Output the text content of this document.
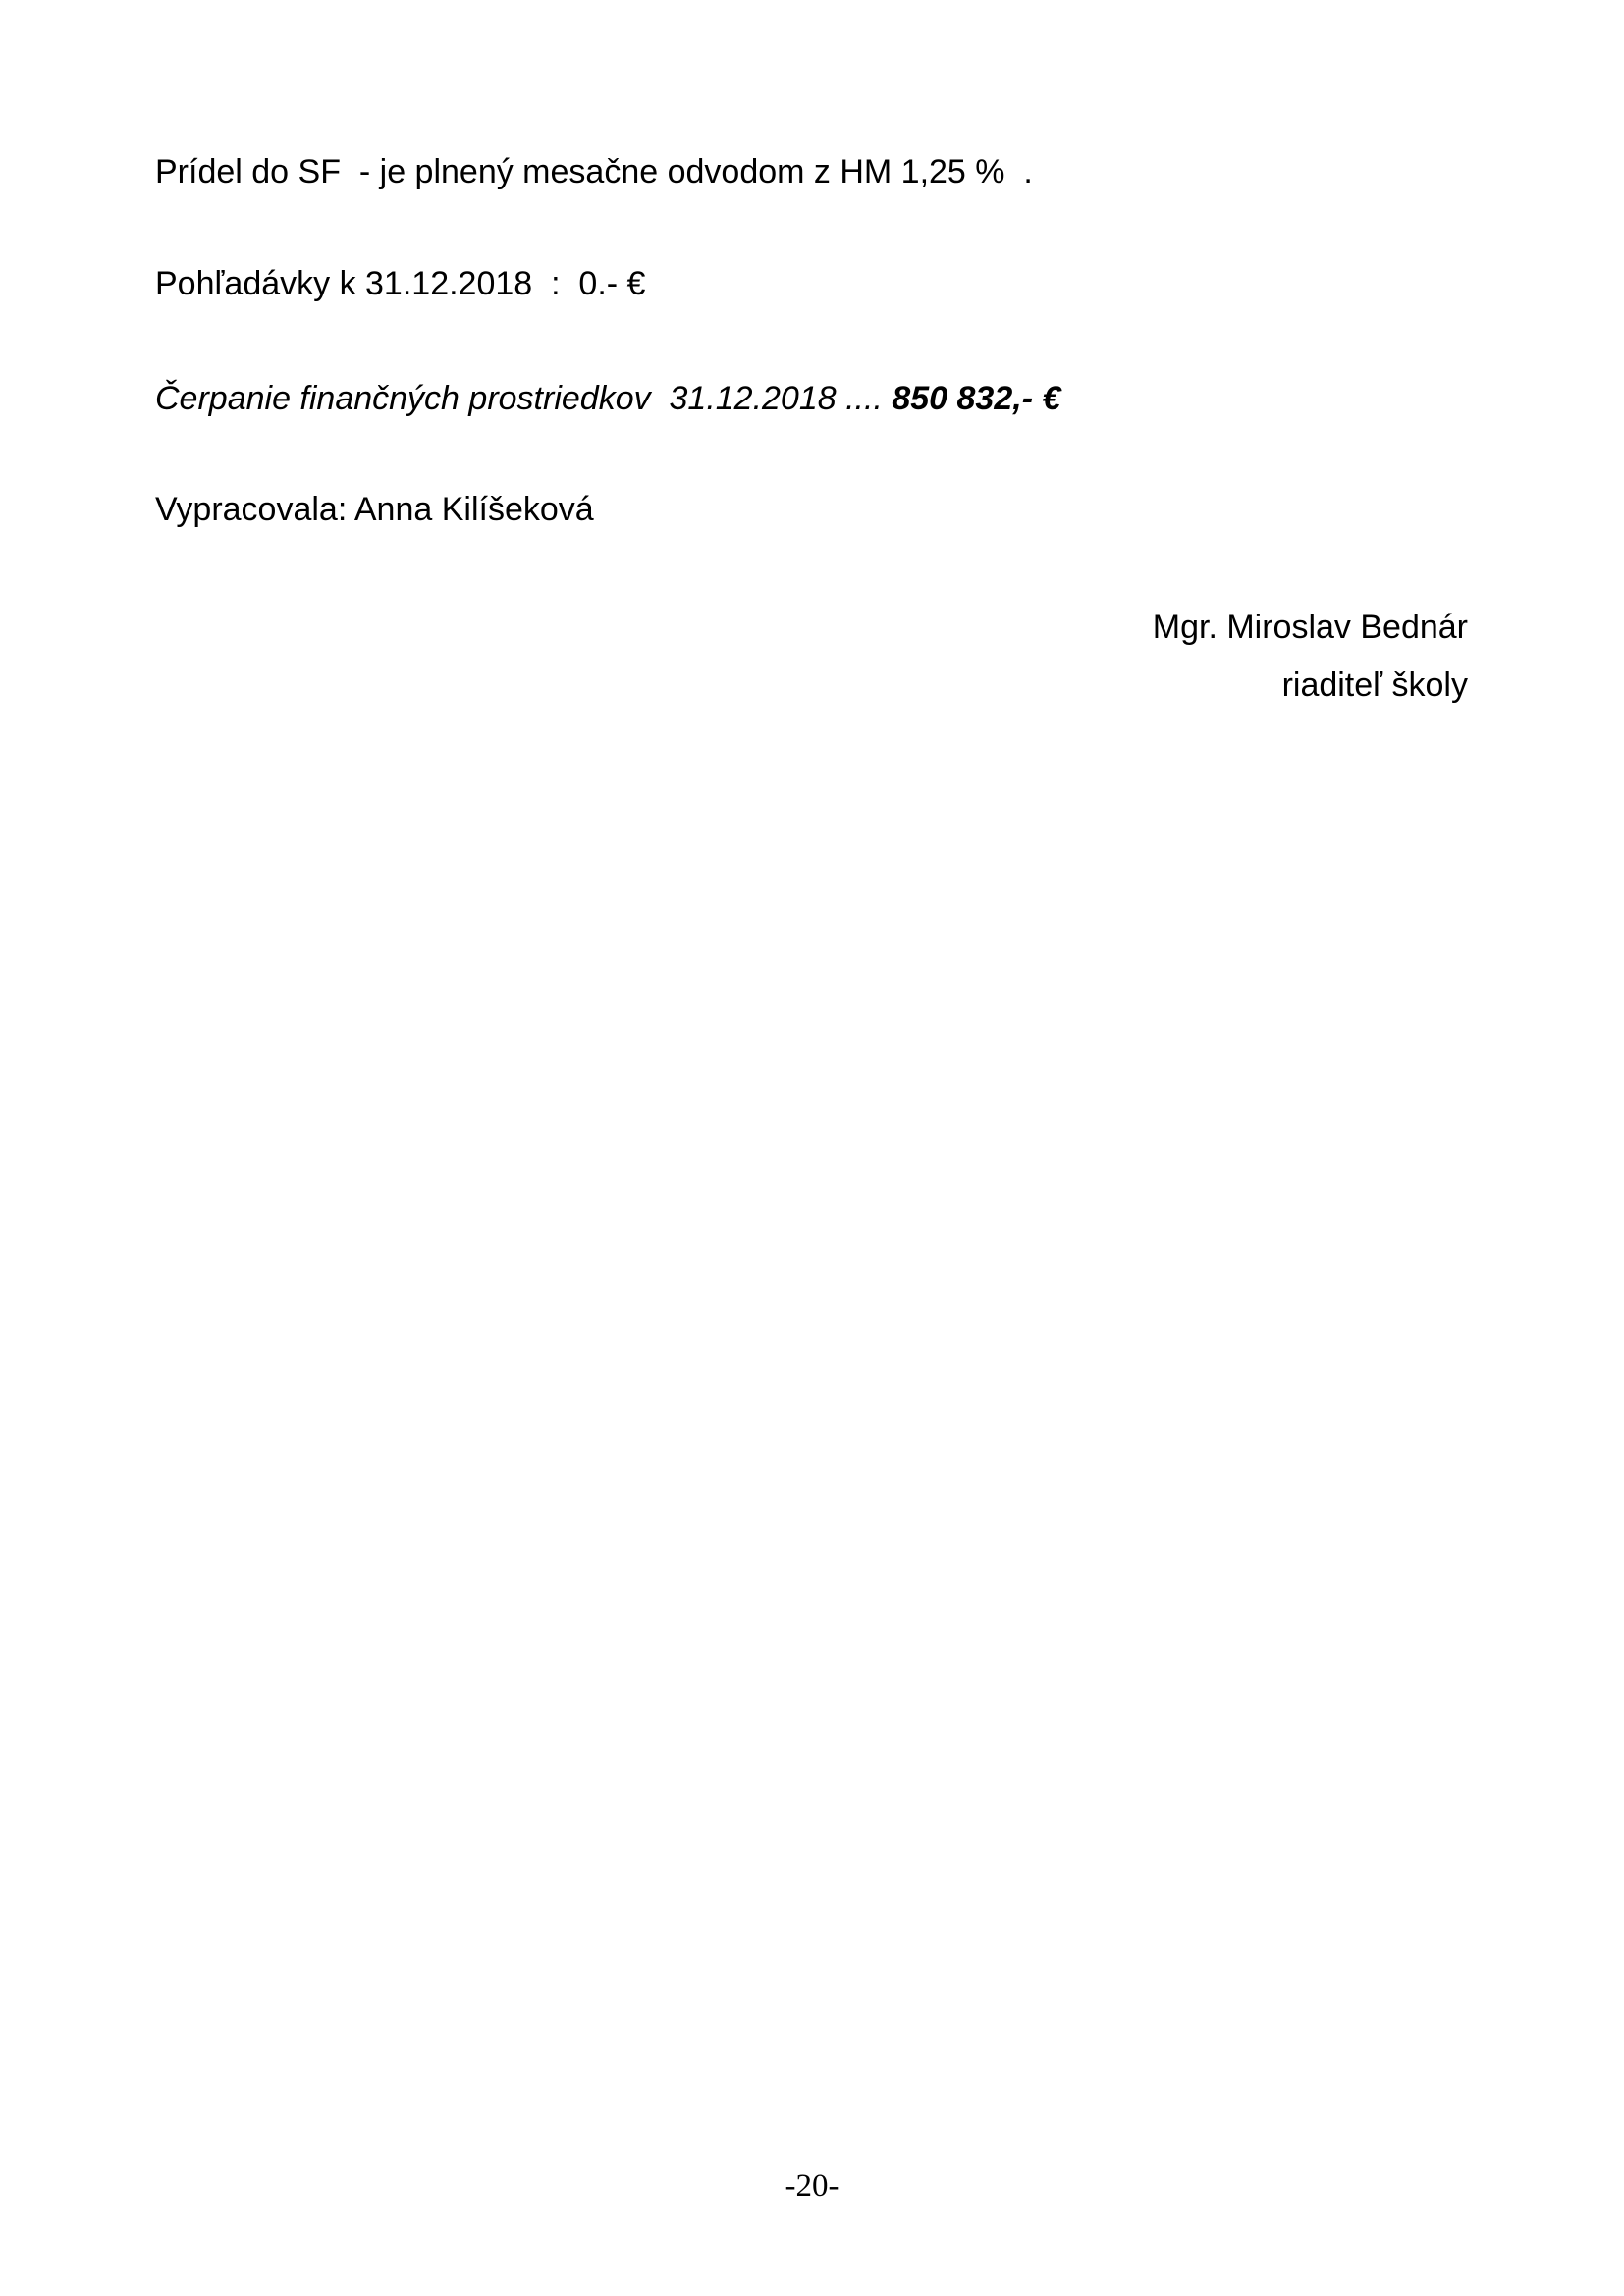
Prídel do SF  - je plnený mesačne odvodom z HM 1,25 %  .
Pohľadávky k 31.12.2018  :  0.- €
Čerpanie finančných prostriedkov  31.12.2018 .... 850 832,- €
Vypracovala: Anna Kilíšeková
Mgr. Miroslav Bednár
riaditeľ školy
-20-
